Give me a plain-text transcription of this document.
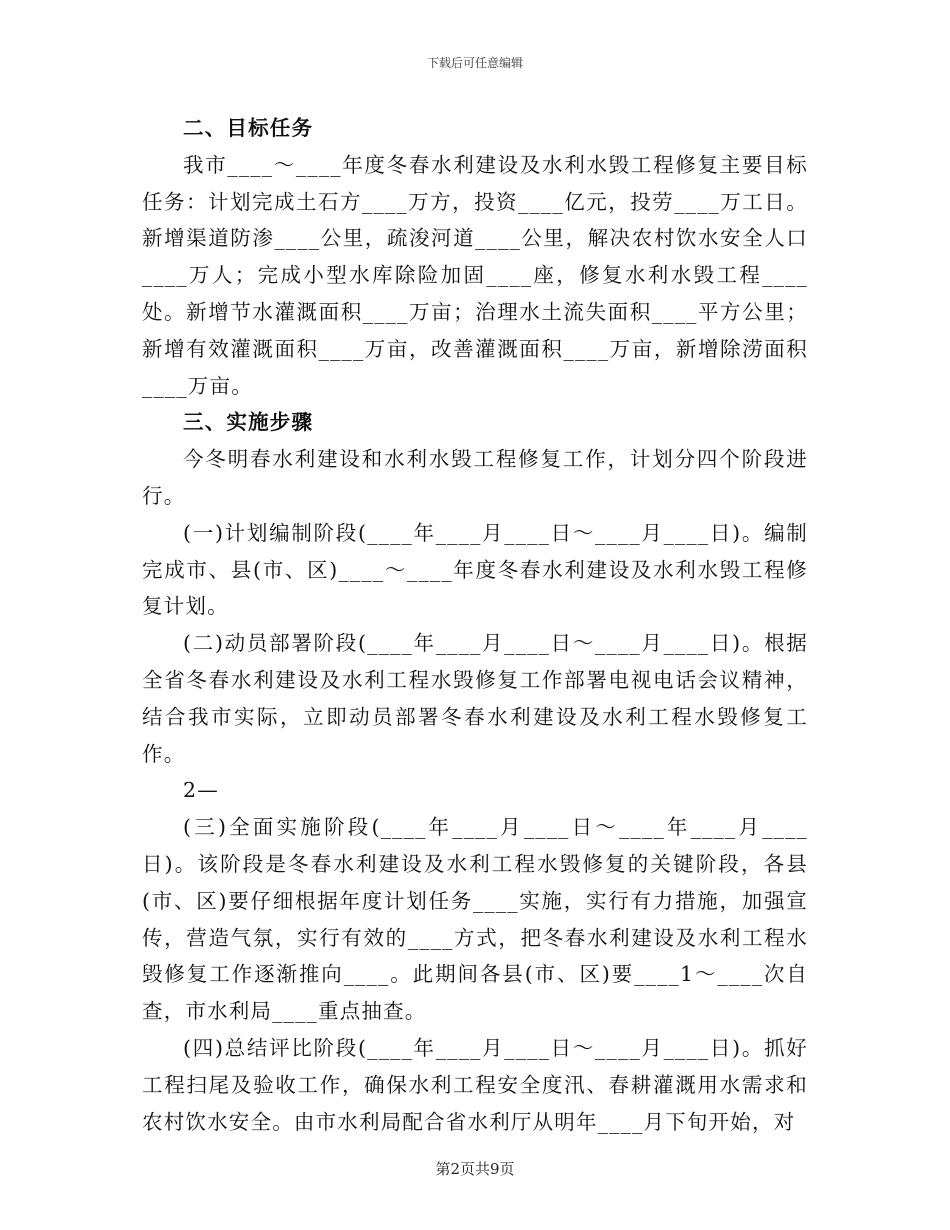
下载后可任意编辑
二、目标任务

我市____～____年度冬春水利建设及水利水毁工程修复主要目标任务：计划完成土石方____万方，投资____亿元，投劳____万工日。新增渠道防渗____公里，疏浚河道____公里，解决农村饮水安全人口____万人；完成小型水库除险加固____座，修复水利水毁工程____处。新增节水灌溉面积____万亩；治理水土流失面积____平方公里；新增有效灌溉面积____万亩，改善灌溉面积____万亩，新增除涝面积____万亩。

三、实施步骤

今冬明春水利建设和水利水毁工程修复工作，计划分四个阶段进行。

(一)计划编制阶段(____年____月____日～____月____日)。编制完成市、县(市、区)____～____年度冬春水利建设及水利水毁工程修复计划。

(二)动员部署阶段(____年____月____日～____月____日)。根据全省冬春水利建设及水利工程水毁修复工作部署电视电话会议精神，结合我市实际，立即动员部署冬春水利建设及水利工程水毁修复工作。

2—

(三)全面实施阶段(____年____月____日～____年____月____日)。该阶段是冬春水利建设及水利工程水毁修复的关键阶段，各县(市、区)要仔细根据年度计划任务____实施，实行有力措施，加强宣传，营造气氛，实行有效的____方式，把冬春水利建设及水利工程水毁修复工作逐渐推向____。此期间各县(市、区)要____1～____次自查，市水利局____重点抽查。

(四)总结评比阶段(____年____月____日～____月____日)。抓好工程扫尾及验收工作，确保水利工程安全度汛、春耕灌溉用水需求和农村饮水安全。由市水利局配合省水利厅从明年____月下旬开始，对

第2页共9页
